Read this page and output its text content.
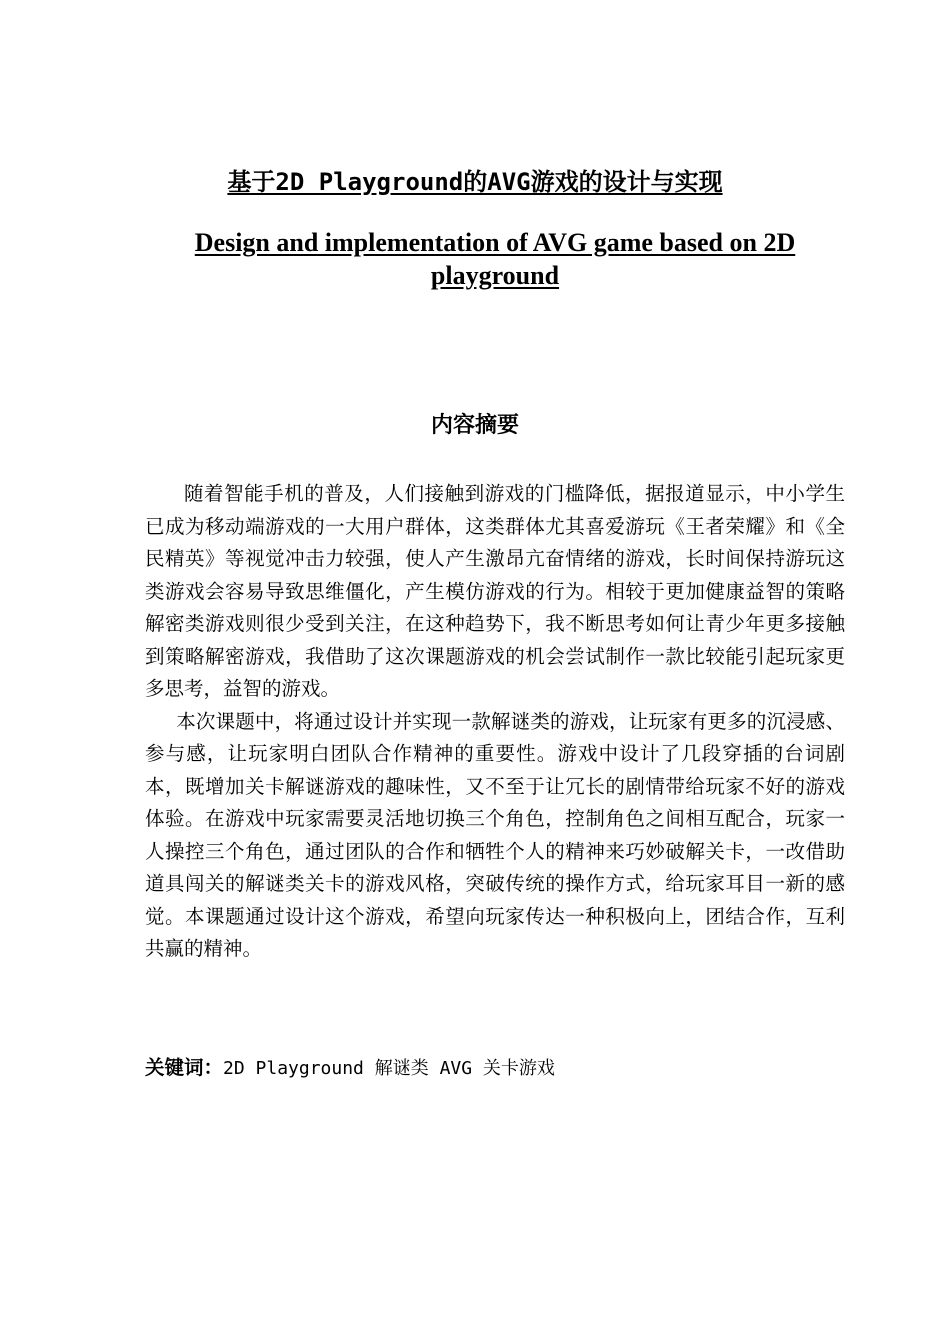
基于2D Playground的AVG游戏的设计与实现
Design and implementation of AVG game based on 2D playground
内容摘要

随着智能手机的普及，人们接触到游戏的门槛降低，据报道显示，中小学生已成为移动端游戏的一大用户群体，这类群体尤其喜爱游玩《王者荣耀》和《全民精英》等视觉冲击力较强，使人产生激昂亢奋情绪的游戏，长时间保持游玩这类游戏会容易导致思维僵化，产生模仿游戏的行为。相较于更加健康益智的策略解密类游戏则很少受到关注，在这种趋势下，我不断思考如何让青少年更多接触到策略解密游戏，我借助了这次课题游戏的机会尝试制作一款比较能引起玩家更多思考，益智的游戏。

本次课题中，将通过设计并实现一款解谜类的游戏，让玩家有更多的沉浸感、参与感，让玩家明白团队合作精神的重要性。游戏中设计了几段穿插的台词剧本，既增加关卡解谜游戏的趣味性，又不至于让冗长的剧情带给玩家不好的游戏体验。在游戏中玩家需要灵活地切换三个角色，控制角色之间相互配合，玩家一人操控三个角色，通过团队的合作和牺牲个人的精神来巧妙破解关卡，一改借助道具闯关的解谜类关卡的游戏风格，突破传统的操作方式，给玩家耳目一新的感觉。本课题通过设计这个游戏，希望向玩家传达一种积极向上，团结合作，互利共赢的精神。

关键词：2D Playground 解谜类 AVG 关卡游戏
